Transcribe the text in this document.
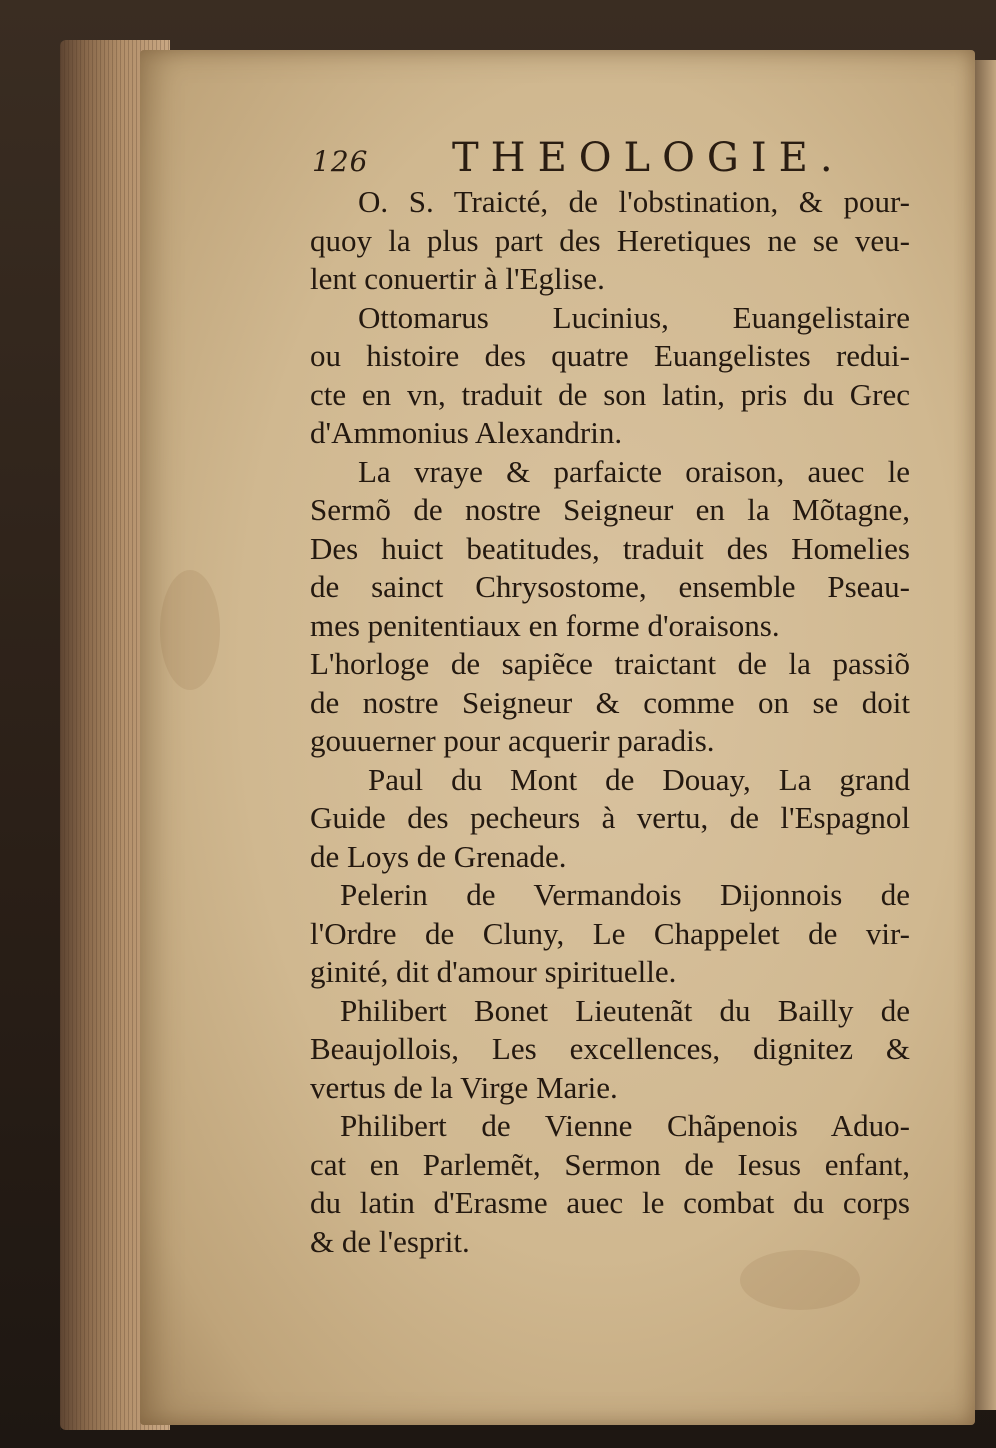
126 THEOLOGIE.
O. S. Traicté, de l'obstination, & pour-
quoy la plus part des Heretiques ne se veu-
lent conuertir à l'Eglise.
Ottomarus Lucinius, Euangelistaire
ou histoire des quatre Euangelistes redui-
cte en vn, traduit de son latin, pris du Grec
d'Ammonius Alexandrin.
La vraye & parfaicte oraison, auec le
Sermõ de nostre Seigneur en la Mõtagne,
Des huict beatitudes, traduit des Homelies
de sainct Chrysostome, ensemble Pseau-
mes penitentiaux en forme d'oraisons.
L'horloge de sapiẽce traictant de la passiõ
de nostre Seigneur & comme on se doit
gouuerner pour acquerir paradis.
Paul du Mont de Douay, La grand
Guide des pecheurs à vertu, de l'Espagnol
de Loys de Grenade.
Pelerin de Vermandois Dijonnois de
l'Ordre de Cluny, Le Chappelet de vir-
ginité, dit d'amour spirituelle.
Philibert Bonet Lieutenãt du Bailly de
Beaujollois, Les excellences, dignitez &
vertus de la Virge Marie.
Philibert de Vienne Chãpenois Aduo-
cat en Parlemẽt, Sermon de Iesus enfant,
du latin d'Erasme auec le combat du corps
& de l'esprit.
